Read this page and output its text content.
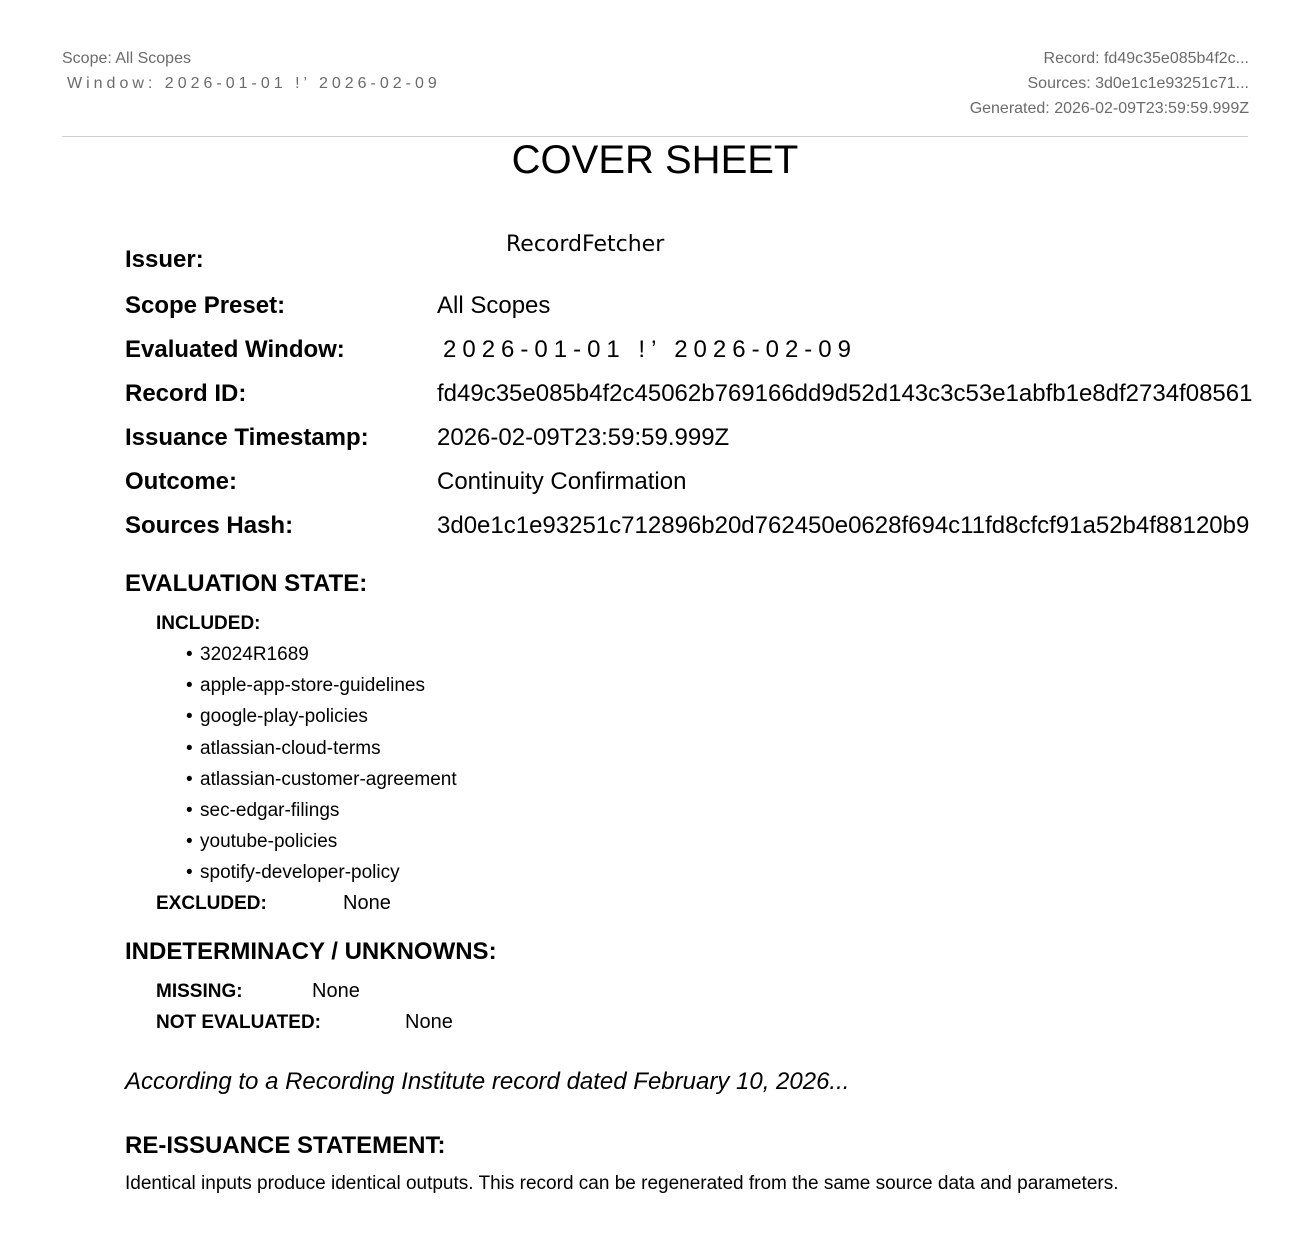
Scope: All Scopes
Window: 2026-01-01 !’ 2026-02-09
Record: fd49c35e085b4f2c...
Sources: 3d0e1c1e93251c71...
Generated: 2026-02-09T23:59:59.999Z
COVER SHEET
Issuer:
RecordFetcher
Scope Preset:	All Scopes
Evaluated Window:	2026-01-01 !’ 2026-02-09
Record ID:	fd49c35e085b4f2c45062b769166dd9d52d143c3c53e1abfb1e8df2734f08561
Issuance Timestamp:	2026-02-09T23:59:59.999Z
Outcome:	Continuity Confirmation
Sources Hash:	3d0e1c1e93251c712896b20d762450e0628f694c11fd8cfcf91a52b4f88120b9
EVALUATION STATE:
INCLUDED:
• 32024R1689
• apple-app-store-guidelines
• google-play-policies
• atlassian-cloud-terms
• atlassian-customer-agreement
• sec-edgar-filings
• youtube-policies
• spotify-developer-policy
EXCLUDED:	None
INDETERMINACY / UNKNOWNS:
MISSING:	None
NOT EVALUATED:	None
According to a Recording Institute record dated February 10, 2026...
RE-ISSUANCE STATEMENT:
Identical inputs produce identical outputs. This record can be regenerated from the same source data and parameters.
